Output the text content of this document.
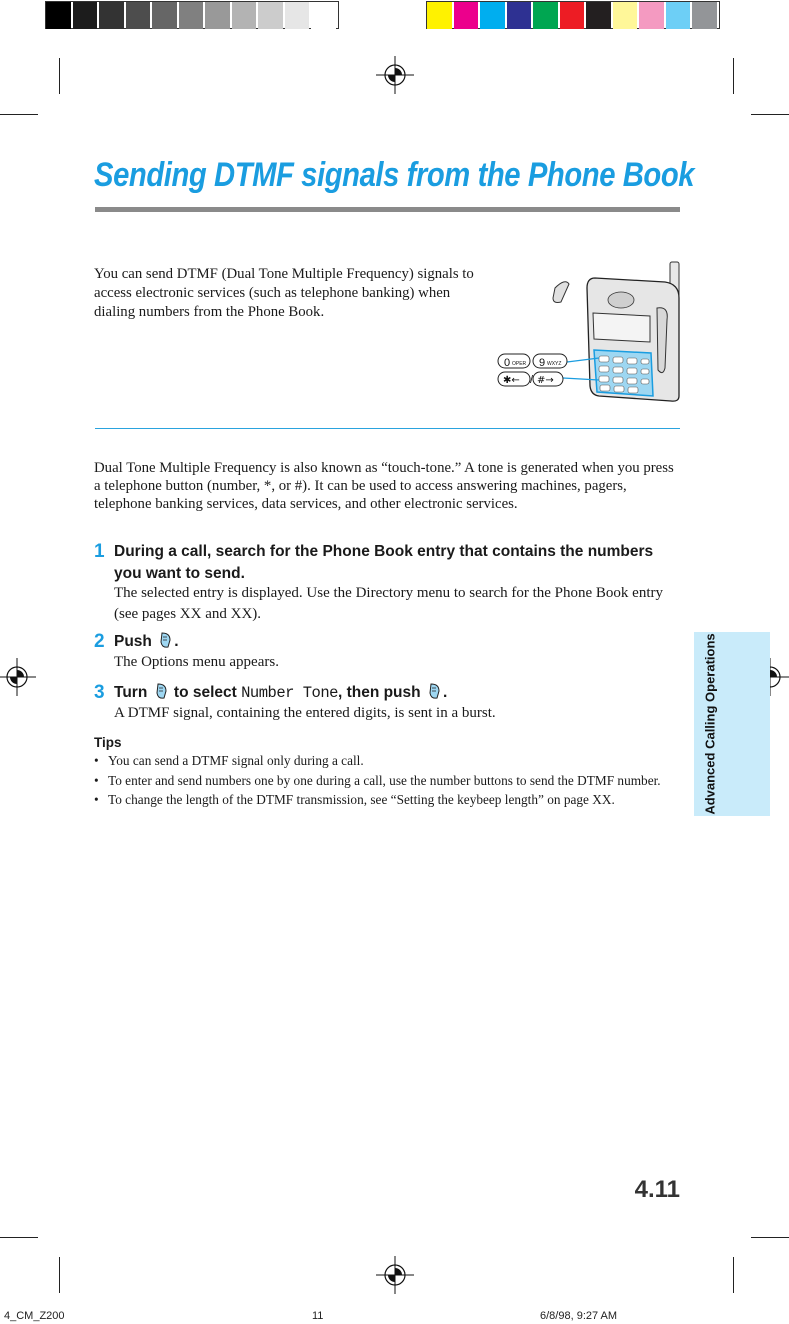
Sending DTMF signals from the Phone Book
You can send DTMF (Dual Tone Multiple Frequency) signals to access electronic services (such as telephone banking) when dialing numbers from the Phone Book.
0 OPER 9 WXYZ
✱← / #→
Dual Tone Multiple Frequency is also known as “touch-tone.” A tone is generated when you press a telephone button (number, *, or #). It can be used to access answering machines, pagers, telephone banking services, data services, and other electronic services.
1 During a call, search for the Phone Book entry that contains the numbers you want to send.
The selected entry is displayed. Use the Directory menu to search for the Phone Book entry (see pages XX and XX).
2 Push .
The Options menu appears.
3 Turn to select Number Tone, then push .
A DTMF signal, containing the entered digits, is sent in a burst.
Tips
• You can send a DTMF signal only during a call.
• To enter and send numbers one by one during a call, use the number buttons to send the DTMF number.
• To change the length of the DTMF transmission, see “Setting the keybeep length” on page XX.	Advanced Calling Operations
4.11
4_CM_Z200	11	6/8/98, 9:27 AM
